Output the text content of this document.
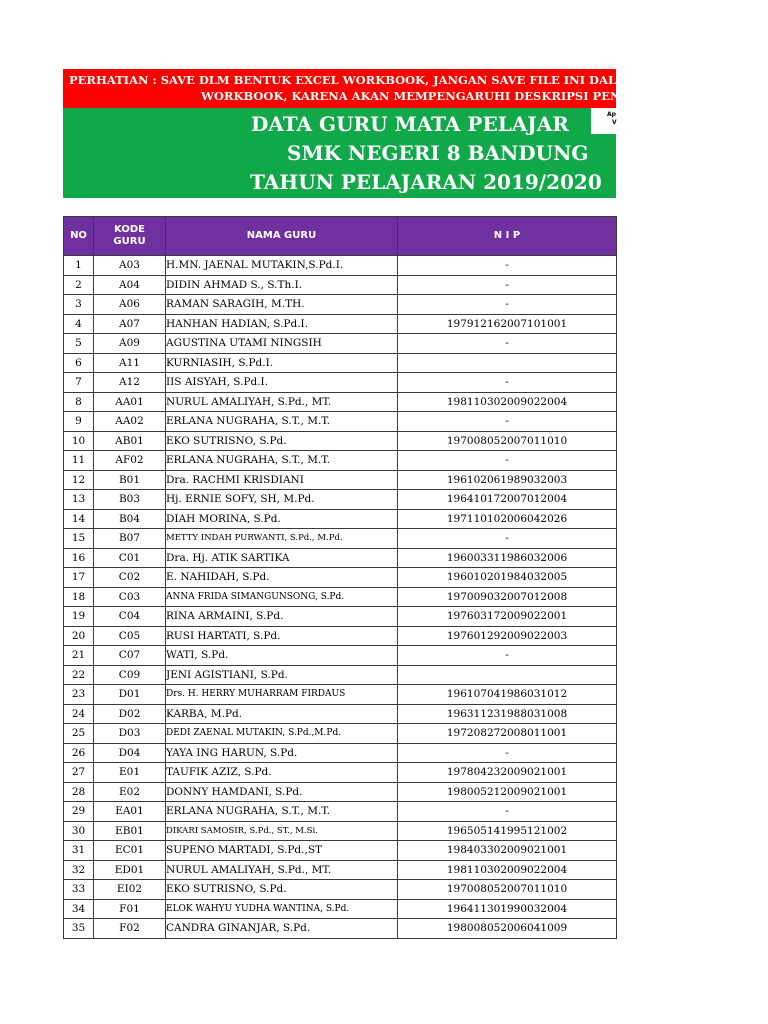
PERHATIAN : SAVE DLM BENTUK EXCEL WORKBOOK, JANGAN SAVE FILE INI DAL
WORKBOOK, KARENA AKAN MEMPENGARUHI DESKRIPSI PENI
DATA GURU MATA PELAJAR
SMK NEGERI 8 BANDUNG
TAHUN PELAJARAN 2019/2020
Ap
V
NO	KODE GURU	NAMA GURU	N I P
1	A03	H.MN. JAENAL MUTAKIN,S.Pd.I.	-
2	A04	DIDIN AHMAD S., S.Th.I.	-
3	A06	RAMAN SARAGIH, M.TH.	-
4	A07	HANHAN HADIAN, S.Pd.I.	197912162007101001
5	A09	AGUSTINA UTAMI NINGSIH	-
6	A11	KURNIASIH, S.Pd.I.	
7	A12	IIS AISYAH, S.Pd.I.	-
8	AA01	NURUL AMALIYAH, S.Pd., MT.	198110302009022004
9	AA02	ERLANA NUGRAHA, S.T., M.T.	-
10	AB01	EKO SUTRISNO, S.Pd.	197008052007011010
11	AF02	ERLANA NUGRAHA, S.T., M.T.	-
12	B01	Dra. RACHMI KRISDIANI	196102061989032003
13	B03	Hj. ERNIE SOFY, SH, M.Pd.	196410172007012004
14	B04	DIAH MORINA, S.Pd.	197110102006042026
15	B07	METTY INDAH PURWANTI, S.Pd., M.Pd.	-
16	C01	Dra. Hj. ATIK SARTIKA	196003311986032006
17	C02	E. NAHIDAH, S.Pd.	196010201984032005
18	C03	ANNA FRIDA SIMANGUNSONG, S.Pd.	197009032007012008
19	C04	RINA ARMAINI, S.Pd.	197603172009022001
20	C05	RUSI HARTATI, S.Pd.	197601292009022003
21	C07	WATI, S.Pd.	-
22	C09	JENI AGISTIANI, S.Pd.	
23	D01	Drs. H. HERRY MUHARRAM FIRDAUS	196107041986031012
24	D02	KARBA, M.Pd.	196311231988031008
25	D03	DEDI ZAENAL MUTAKIN, S.Pd.,M.Pd.	197208272008011001
26	D04	YAYA ING HARUN, S.Pd.	-
27	E01	TAUFIK AZIZ, S.Pd.	197804232009021001
28	E02	DONNY HAMDANI, S.Pd.	198005212009021001
29	EA01	ERLANA NUGRAHA, S.T., M.T.	-
30	EB01	DIKARI SAMOSIR, S.Pd., ST., M.Si.	196505141995121002
31	EC01	SUPENO MARTADI, S.Pd.,ST	198403302009021001
32	ED01	NURUL AMALIYAH, S.Pd., MT.	198110302009022004
33	EI02	EKO SUTRISNO, S.Pd.	197008052007011010
34	F01	ELOK WAHYU YUDHA WANTINA, S.Pd.	196411301990032004
35	F02	CANDRA GINANJAR, S.Pd.	198008052006041009
